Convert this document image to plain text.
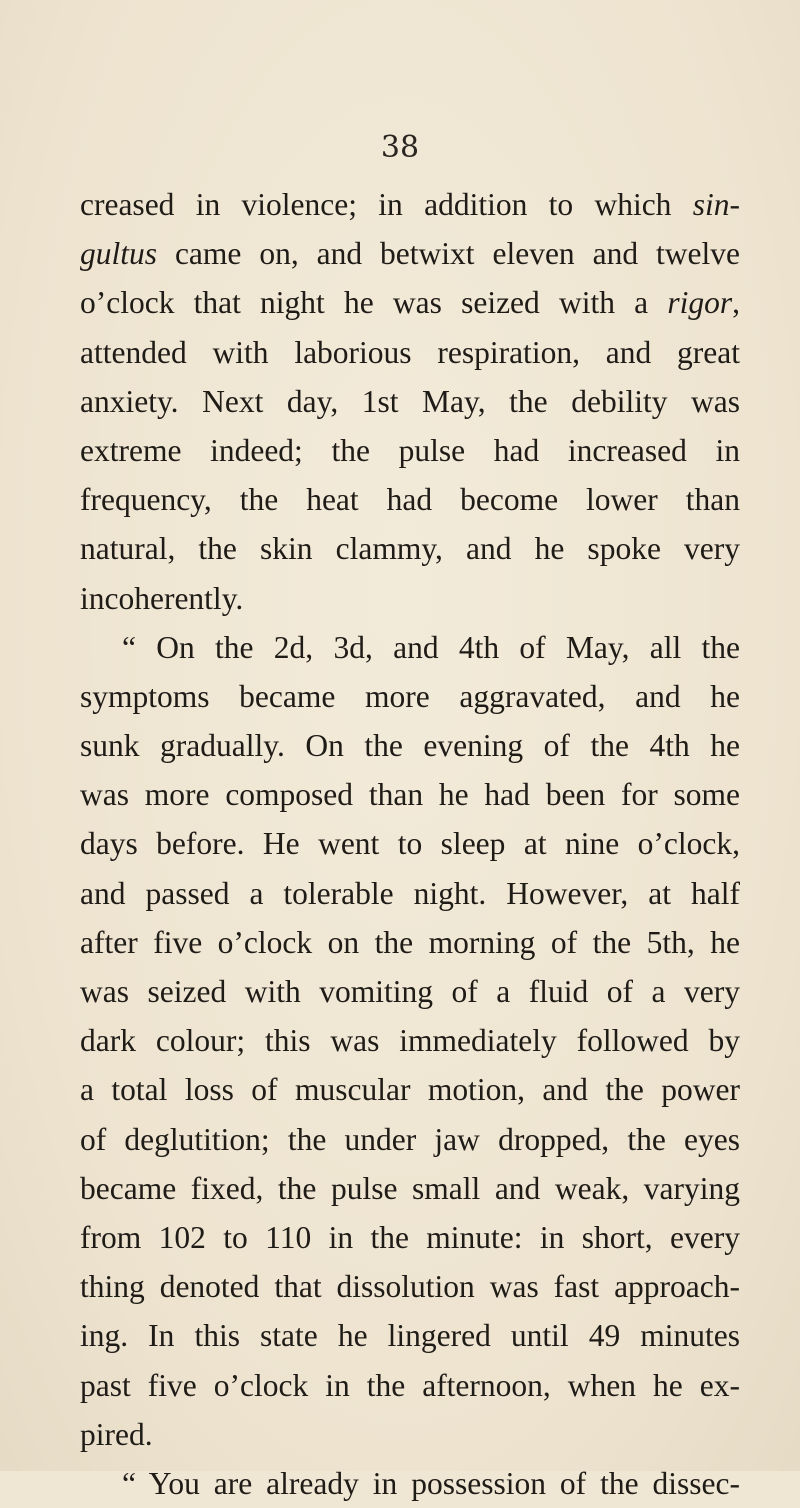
38
creased in violence; in addition to which sin-
gultus came on, and betwixt eleven and twelve
o’clock that night he was seized with a rigor,
attended with laborious respiration, and great
anxiety. Next day, 1st May, the debility was
extreme indeed; the pulse had increased in
frequency, the heat had become lower than
natural, the skin clammy, and he spoke very
incoherently.
“ On the 2d, 3d, and 4th of May, all the
symptoms became more aggravated, and he
sunk gradually. On the evening of the 4th he
was more composed than he had been for some
days before. He went to sleep at nine o’clock,
and passed a tolerable night. However, at half
after five o’clock on the morning of the 5th, he
was seized with vomiting of a fluid of a very
dark colour; this was immediately followed by
a total loss of muscular motion, and the power
of deglutition; the under jaw dropped, the eyes
became fixed, the pulse small and weak, varying
from 102 to 110 in the minute: in short, every
thing denoted that dissolution was fast approach-
ing. In this state he lingered until 49 minutes
past five o’clock in the afternoon, when he ex-
pired.
“ You are already in possession of the dissec-
